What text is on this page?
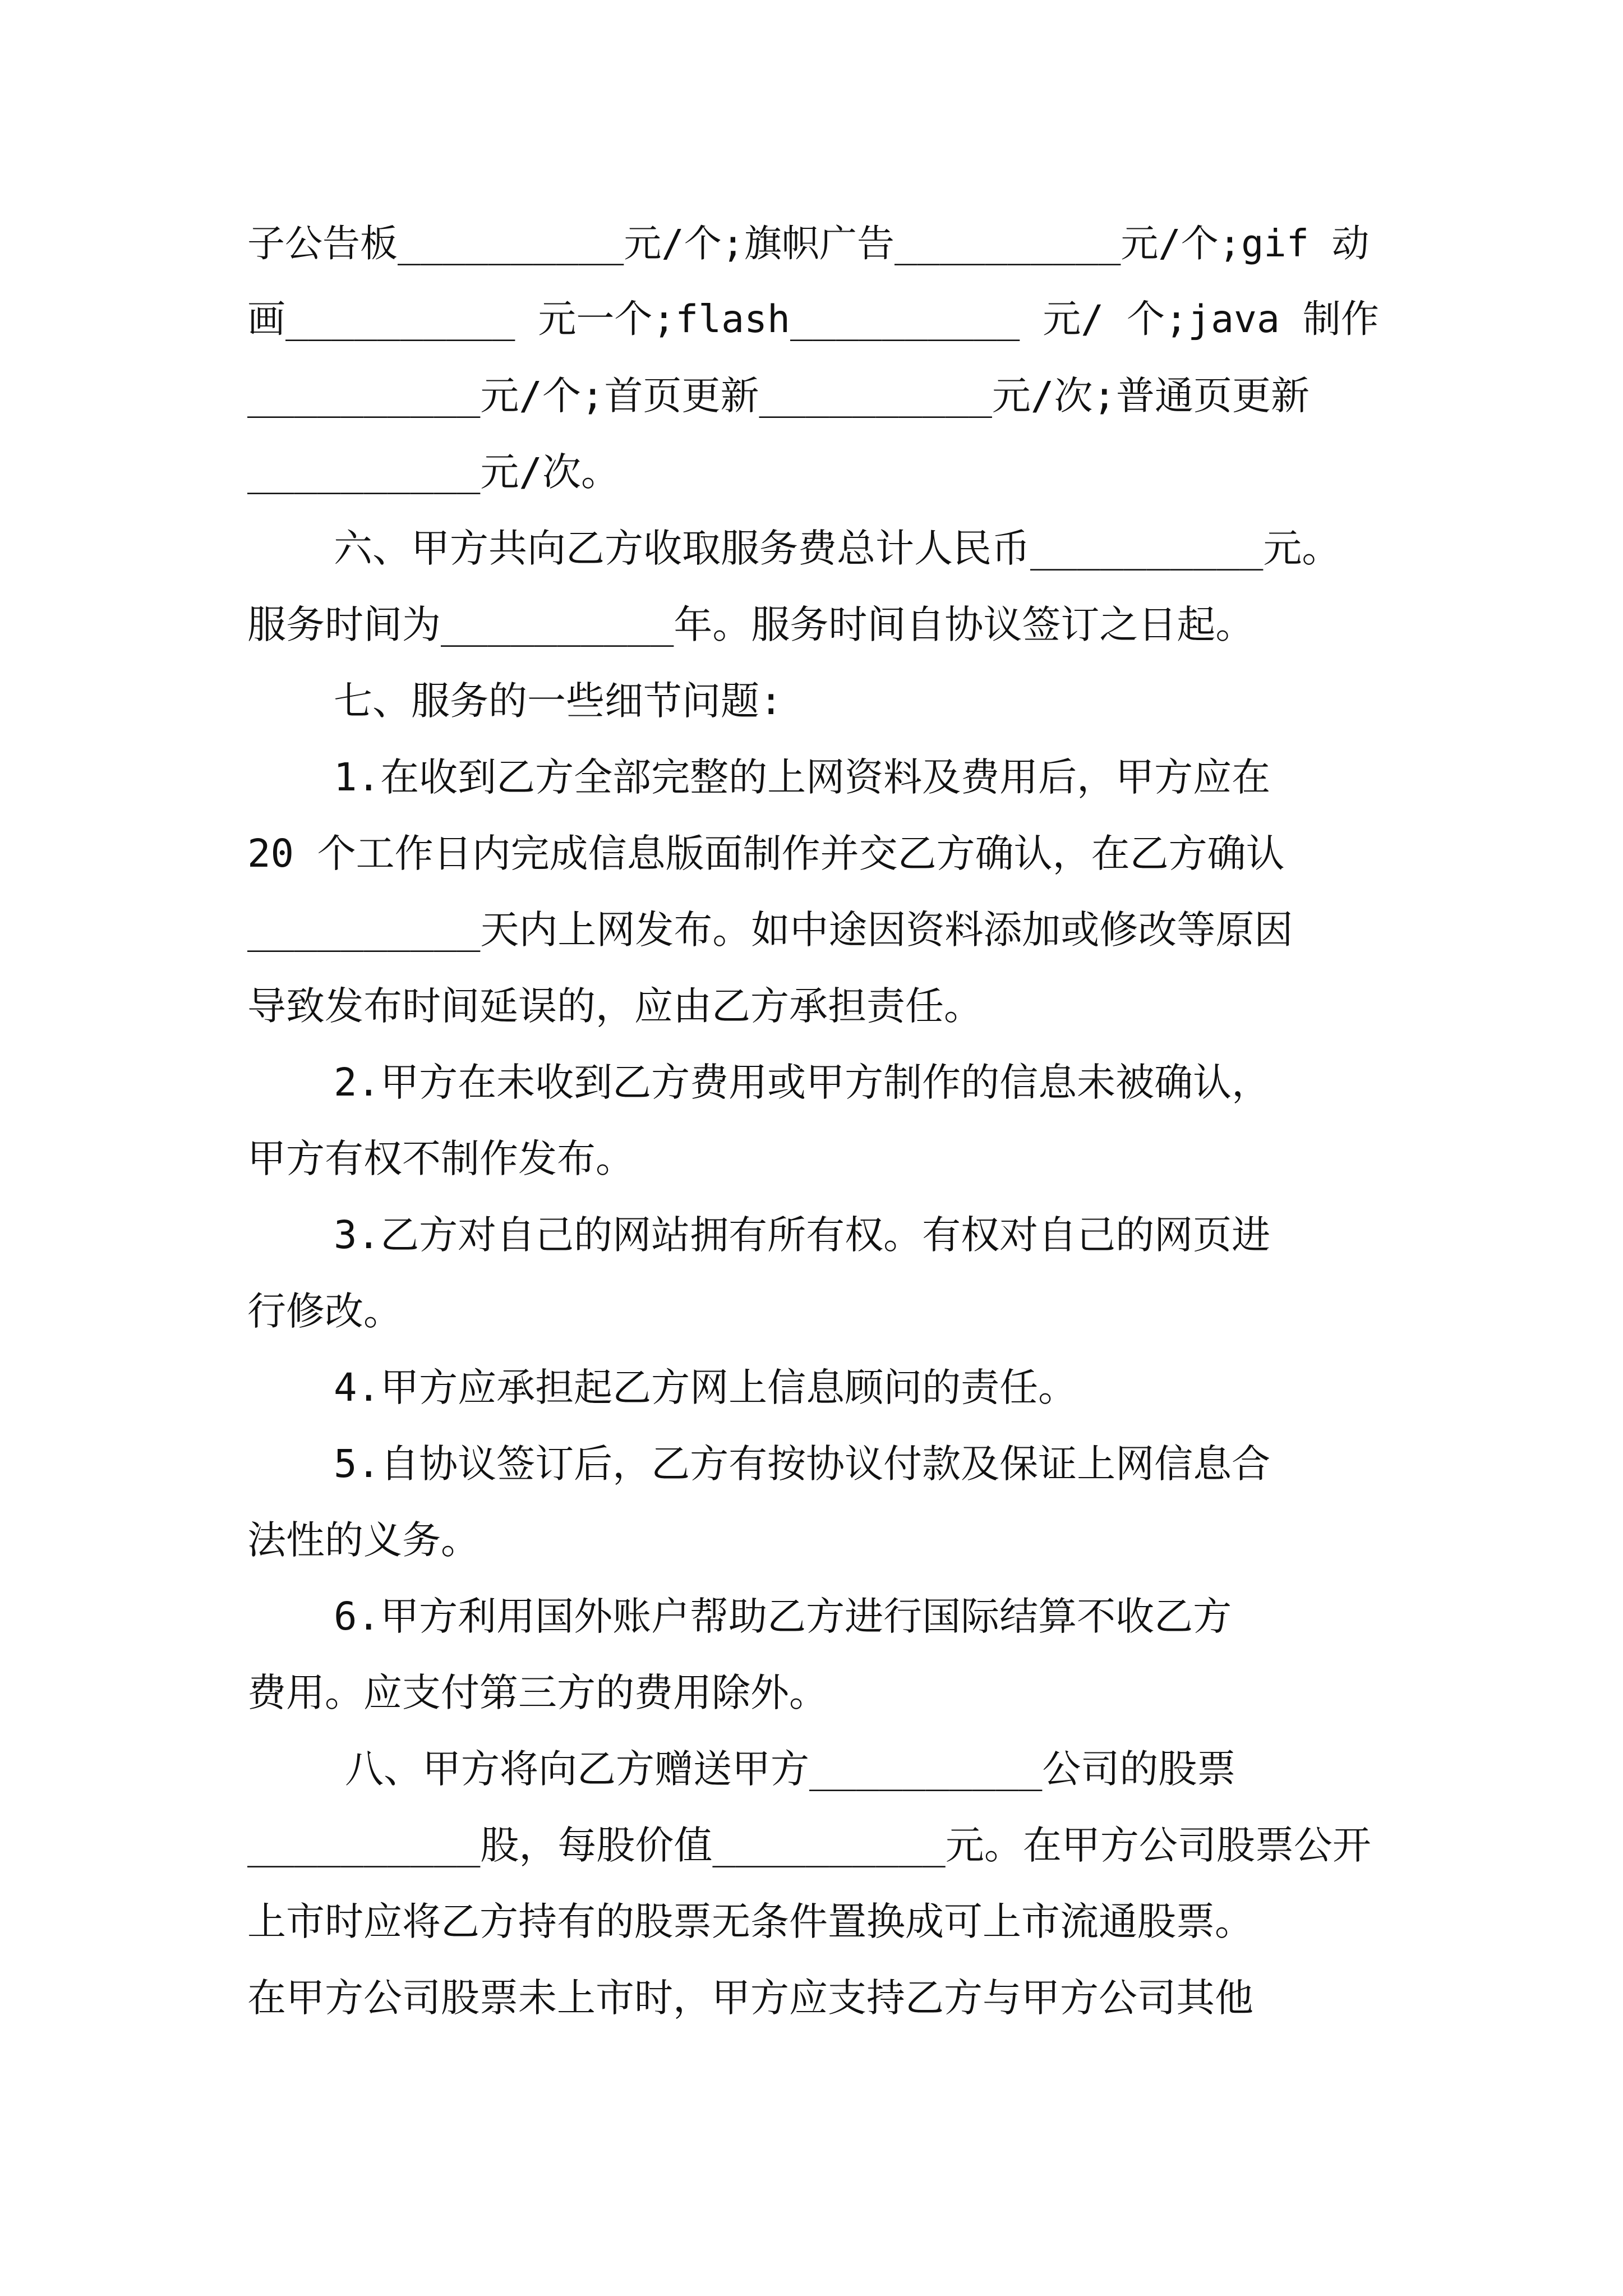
子公告板__________元/个;旗帜广告__________元/个;gif 动

画__________ 元一个;flash__________ 元/ 个;java 制作

__________元/个;首页更新__________元/次;普通页更新

__________元/次。

六、甲方共向乙方收取服务费总计人民币__________元。

服务时间为__________年。服务时间自协议签订之日起。

七、服务的一些细节问题:

1.在收到乙方全部完整的上网资料及费用后，甲方应在

20 个工作日内完成信息版面制作并交乙方确认，在乙方确认

__________天内上网发布。如中途因资料添加或修改等原因

导致发布时间延误的，应由乙方承担责任。

2.甲方在未收到乙方费用或甲方制作的信息未被确认，

甲方有权不制作发布。

3.乙方对自己的网站拥有所有权。有权对自己的网页进

行修改。

4.甲方应承担起乙方网上信息顾问的责任。

5.自协议签订后，乙方有按协议付款及保证上网信息合

法性的义务。

6.甲方利用国外账户帮助乙方进行国际结算不收乙方

费用。应支付第三方的费用除外。

八、甲方将向乙方赠送甲方__________公司的股票

__________股，每股价值__________元。在甲方公司股票公开

上市时应将乙方持有的股票无条件置换成可上市流通股票。

在甲方公司股票未上市时，甲方应支持乙方与甲方公司其他
